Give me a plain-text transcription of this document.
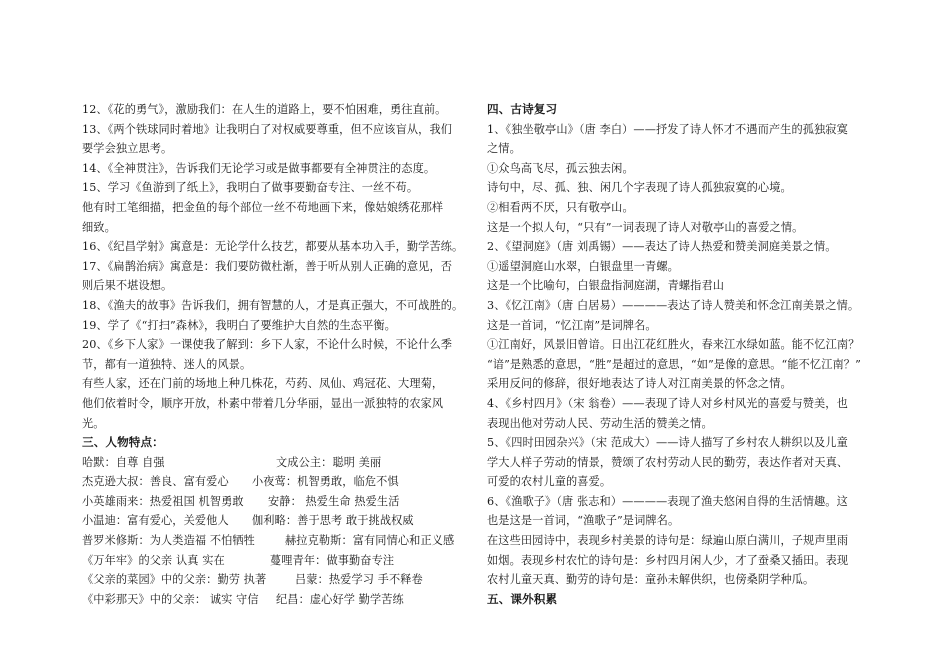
12、《花的勇气》，激励我们：在人生的道路上，要不怕困难，勇往直前。
13、《两个铁球同时着地》让我明白了对权威要尊重，但不应该盲从，我们
要学会独立思考。
14、《全神贯注》，告诉我们无论学习或是做事都要有全神贯注的态度。
15、学习《鱼游到了纸上》，我明白了做事要勤奋专注、一丝不苟。
他有时工笔细描，把金鱼的每个部位一丝不苟地画下来，像姑娘绣花那样
细致。
16、《纪昌学射》寓意是：无论学什么技艺，都要从基本功入手，勤学苦练。
17、《扁鹊治病》寓意是：我们要防微杜渐，善于听从别人正确的意见，否
则后果不堪设想。
18、《渔夫的故事》告诉我们，拥有智慧的人，才是真正强大，不可战胜的。
19、学了《“打扫”森林》，我明白了要维护大自然的生态平衡。
20、《乡下人家》一课使我了解到：乡下人家，不论什么时候，不论什么季
节，都有一道独特、迷人的风景。
有些人家，还在门前的场地上种几株花，芍药、凤仙、鸡冠花、大理菊，
他们依着时令，顺序开放，朴素中带着几分华丽，显出一派独特的农家风
光。
三、人物特点：
哈默：自尊 自强	文成公主：聪明 美丽
杰克逊大叔：善良、富有爱心	小夜莺：机智勇敢，临危不惧
小英雄雨来：热爱祖国 机智勇敢	安静： 热爱生命 热爱生活
小温迪：富有爱心，关爱他人	伽利略：善于思考 敢于挑战权威
普罗米修斯：为人类造福 不怕牺牲	赫拉克勒斯：富有同情心和正义感
《万年牢》的父亲 认真 实在	蔓哩青年：做事勤奋专注
《父亲的菜园》中的父亲：勤劳 执著	吕蒙：热爱学习 手不释卷
《中彩那天》中的父亲： 诚实 守信	纪昌：虚心好学 勤学苦练
四、古诗复习
1、《独坐敬亭山》（唐 李白）——抒发了诗人怀才不遇而产生的孤独寂寞
之情。
①众鸟高飞尽，孤云独去闲。
诗句中，尽、孤、独、闲几个字表现了诗人孤独寂寞的心境。
②相看两不厌，只有敬亭山。
这是一个拟人句，“只有”一词表现了诗人对敬亭山的喜爱之情。
2、《望洞庭》（唐 刘禹锡）——表达了诗人热爱和赞美洞庭美景之情。
①遥望洞庭山水翠，白银盘里一青螺。
这是一个比喻句，白银盘指洞庭湖，青螺指君山
3、《忆江南》（唐 白居易）————表达了诗人赞美和怀念江南美景之情。
这是一首词，“忆江南”是词牌名。
①江南好，风景旧曾谙。日出江花红胜火，春来江水绿如蓝。能不忆江南？
“谙”是熟悉的意思，“胜”是超过的意思，“如”是像的意思。“能不忆江南？”
采用反问的修辞，很好地表达了诗人对江南美景的怀念之情。
4、《乡村四月》（宋 翁卷）——表现了诗人对乡村风光的喜爱与赞美，也
表现出他对劳动人民、劳动生活的赞美之情。
5、《四时田园杂兴》（宋 范成大）——诗人描写了乡村农人耕织以及儿童
学大人样子劳动的情景，赞颂了农村劳动人民的勤劳，表达作者对天真、
可爱的农村儿童的喜爱。
6、《渔歌子》（唐 张志和）————表现了渔夫悠闲自得的生活情趣。这
也是这是一首词，“渔歌子”是词牌名。
在这些田园诗中，表现乡村美景的诗句是：绿遍山原白满川，子规声里雨
如烟。表现乡村农忙的诗句是：乡村四月闲人少，才了蚕桑又插田。表现
农村儿童天真、勤劳的诗句是：童孙未解供织，也傍桑阴学种瓜。
五、课外积累
